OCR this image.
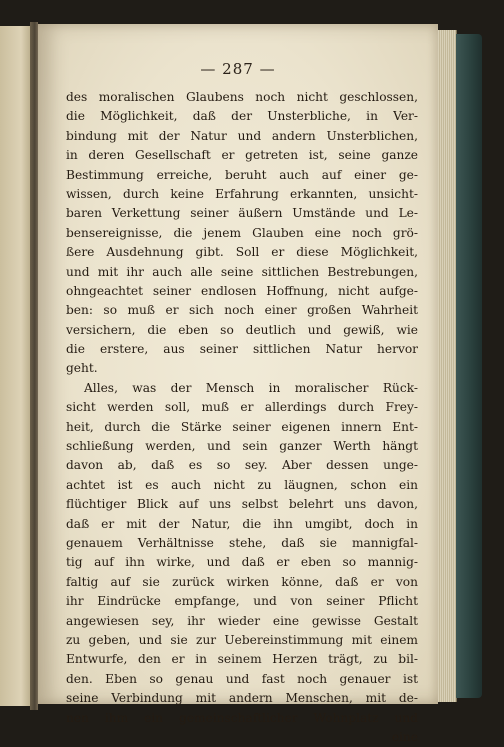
— 287 —
des moralischen Glaubens noch nicht geschlossen,
die Möglichkeit, daß der Unsterbliche, in Ver-
bindung mit der Natur und andern Unsterblichen,
in deren Gesellschaft er getreten ist, seine ganze
Bestimmung erreiche, beruht auch auf einer ge-
wissen, durch keine Erfahrung erkannten, unsicht-
baren Verkettung seiner äußern Umstände und Le-
bensereignisse, die jenem Glauben eine noch grö-
ßere Ausdehnung gibt. Soll er diese Möglichkeit,
und mit ihr auch alle seine sittlichen Bestrebungen,
ohngeachtet seiner endlosen Hoffnung, nicht aufge-
ben: so muß er sich noch einer großen Wahrheit
versichern, die eben so deutlich und gewiß, wie
die erstere, aus seiner sittlichen Natur hervor
geht.
Alles, was der Mensch in moralischer Rück-
sicht werden soll, muß er allerdings durch Frey-
heit, durch die Stärke seiner eigenen innern Ent-
schließung werden, und sein ganzer Werth hängt
davon ab, daß es so sey. Aber dessen unge-
achtet ist es auch nicht zu läugnen, schon ein
flüchtiger Blick auf uns selbst belehrt uns davon,
daß er mit der Natur, die ihn umgibt, doch in
genauem Verhältnisse stehe, daß sie mannigfal-
tig auf ihn wirke, und daß er eben so mannig-
faltig auf sie zurück wirken könne, daß er von
ihr Eindrücke empfange, und von seiner Pflicht
angewiesen sey, ihr wieder eine gewisse Gestalt
zu geben, und sie zur Uebereinstimmung mit einem
Entwurfe, den er in seinem Herzen trägt, zu bil-
den. Eben so genau und fast noch genauer ist
seine Verbindung mit andern Menschen, mit de-
nen ihm ein gemeinschaftlicher Wohnplatz und
eine
